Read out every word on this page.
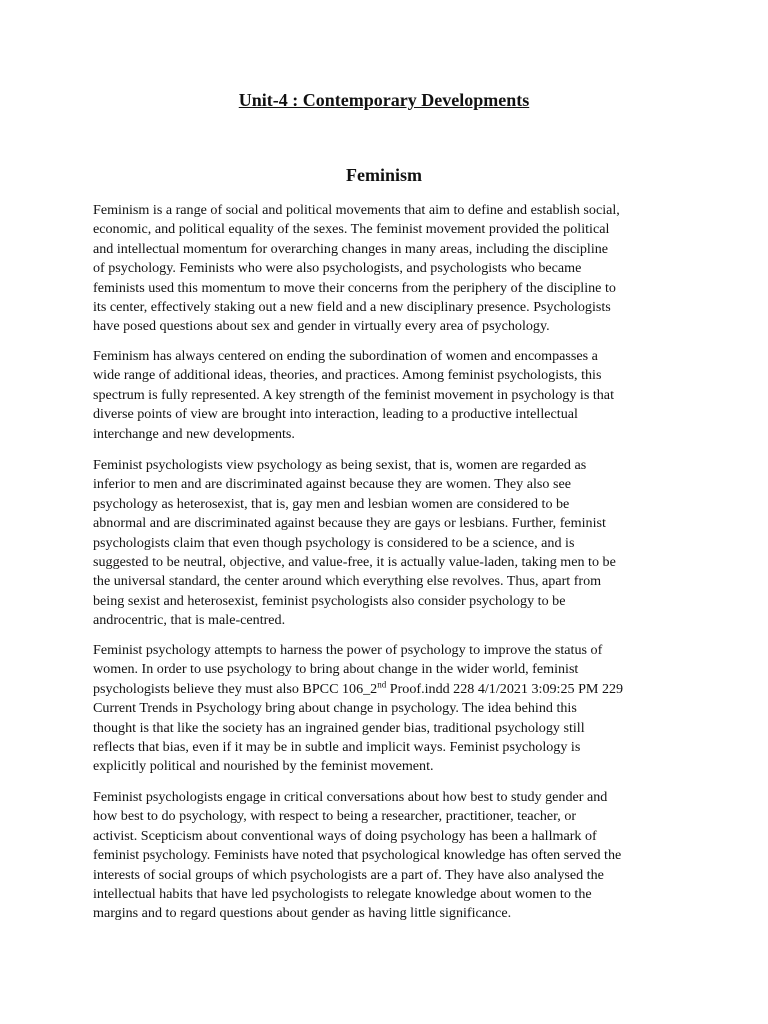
Unit-4 : Contemporary Developments
Feminism
Feminism is a range of social and political movements that aim to define and establish social,
economic, and political equality of the sexes. The feminist movement provided the political
and intellectual momentum for overarching changes in many areas, including the discipline
of psychology. Feminists who were also psychologists, and psychologists who became
feminists used this momentum to move their concerns from the periphery of the discipline to
its center, effectively staking out a new field and a new disciplinary presence. Psychologists
have posed questions about sex and gender in virtually every area of psychology.
Feminism has always centered on ending the subordination of women and encompasses a
wide range of additional ideas, theories, and practices. Among feminist psychologists, this
spectrum is fully represented. A key strength of the feminist movement in psychology is that
diverse points of view are brought into interaction, leading to a productive intellectual
interchange and new developments.
Feminist psychologists view psychology as being sexist, that is, women are regarded as
inferior to men and are discriminated against because they are women. They also see
psychology as heterosexist, that is, gay men and lesbian women are considered to be
abnormal and are discriminated against because they are gays or lesbians. Further, feminist
psychologists claim that even though psychology is considered to be a science, and is
suggested to be neutral, objective, and value-free, it is actually value-laden, taking men to be
the universal standard, the center around which everything else revolves. Thus, apart from
being sexist and heterosexist, feminist psychologists also consider psychology to be
androcentric, that is male-centred.
Feminist psychology attempts to harness the power of psychology to improve the status of
women. In order to use psychology to bring about change in the wider world, feminist
psychologists believe they must also BPCC 106_2nd Proof.indd 228 4/1/2021 3:09:25 PM 229
Current Trends in Psychology bring about change in psychology. The idea behind this
thought is that like the society has an ingrained gender bias, traditional psychology still
reflects that bias, even if it may be in subtle and implicit ways. Feminist psychology is
explicitly political and nourished by the feminist movement.
Feminist psychologists engage in critical conversations about how best to study gender and
how best to do psychology, with respect to being a researcher, practitioner, teacher, or
activist. Scepticism about conventional ways of doing psychology has been a hallmark of
feminist psychology. Feminists have noted that psychological knowledge has often served the
interests of social groups of which psychologists are a part of. They have also analysed the
intellectual habits that have led psychologists to relegate knowledge about women to the
margins and to regard questions about gender as having little significance.
